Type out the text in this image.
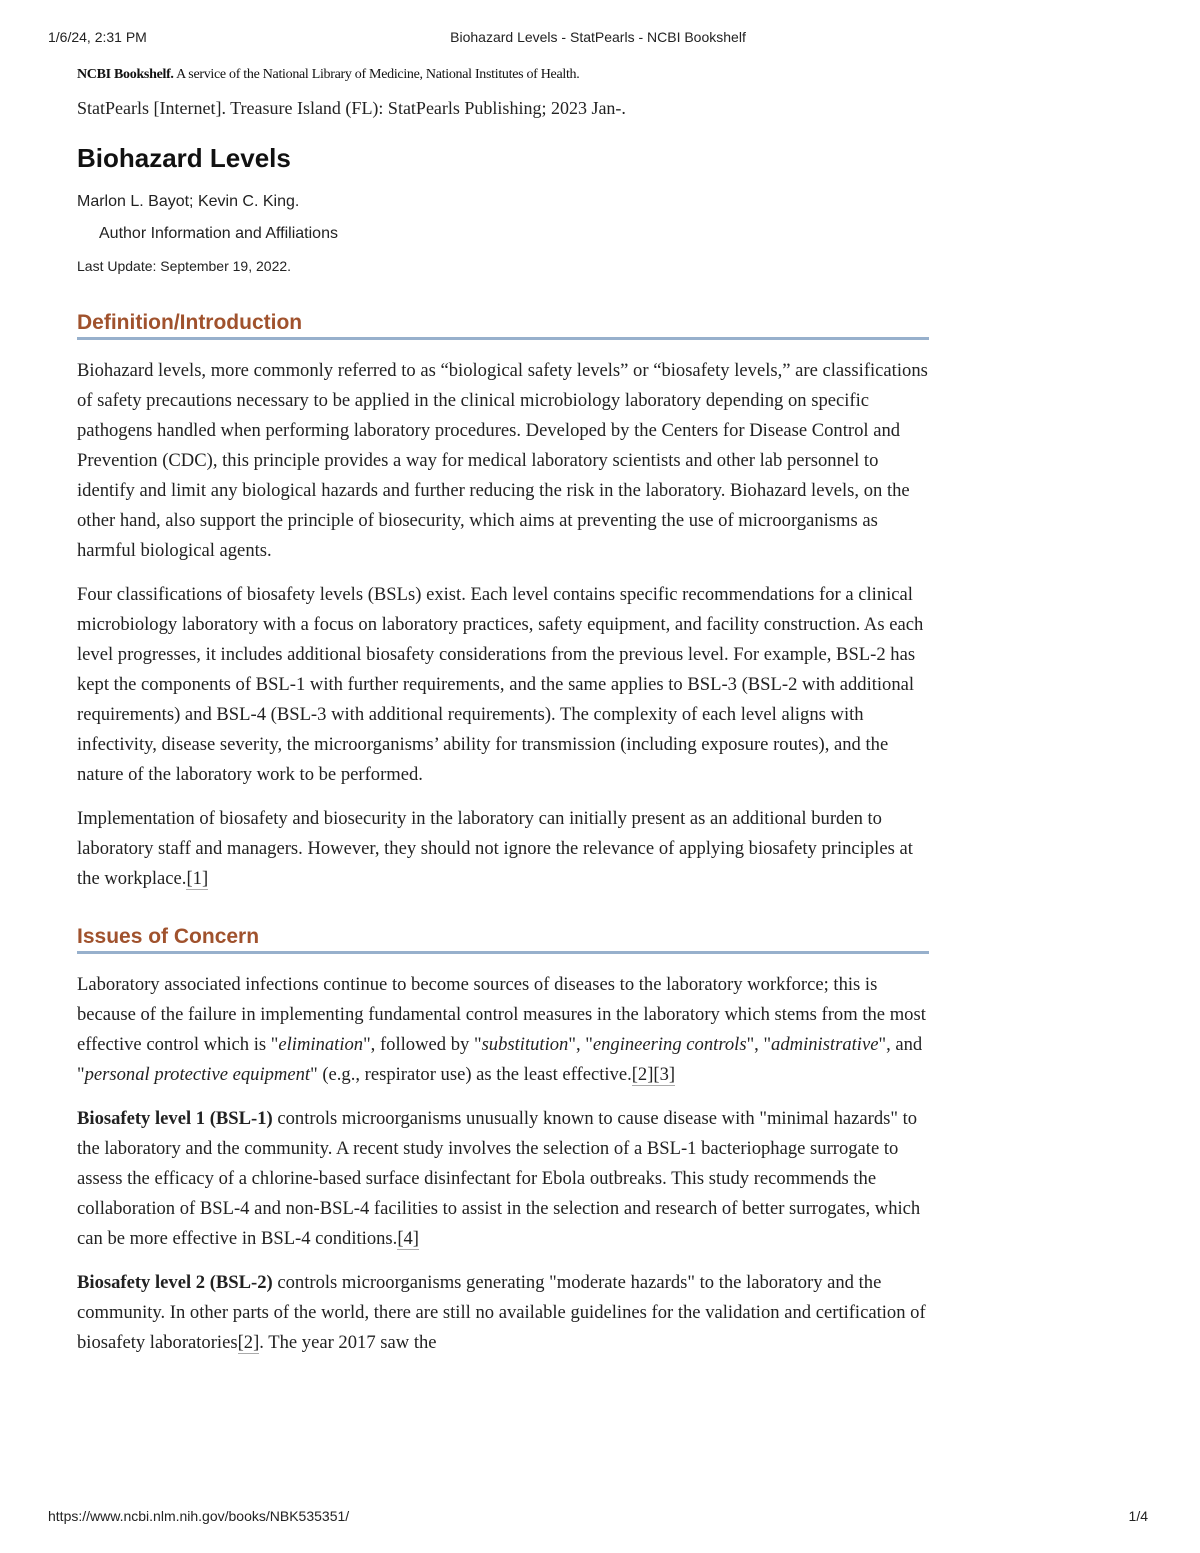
1/6/24, 2:31 PM	Biohazard Levels - StatPearls - NCBI Bookshelf

NCBI Bookshelf. A service of the National Library of Medicine, National Institutes of Health.

StatPearls [Internet]. Treasure Island (FL): StatPearls Publishing; 2023 Jan-.

Biohazard Levels

Marlon L. Bayot; Kevin C. King.

Author Information and Affiliations

Last Update: September 19, 2022.

Definition/Introduction

Biohazard levels, more commonly referred to as “biological safety levels” or “biosafety levels,” are classifications of safety precautions necessary to be applied in the clinical microbiology laboratory depending on specific pathogens handled when performing laboratory procedures. Developed by the Centers for Disease Control and Prevention (CDC), this principle provides a way for medical laboratory scientists and other lab personnel to identify and limit any biological hazards and further reducing the risk in the laboratory. Biohazard levels, on the other hand, also support the principle of biosecurity, which aims at preventing the use of microorganisms as harmful biological agents.

Four classifications of biosafety levels (BSLs) exist. Each level contains specific recommendations for a clinical microbiology laboratory with a focus on laboratory practices, safety equipment, and facility construction. As each level progresses, it includes additional biosafety considerations from the previous level. For example, BSL-2 has kept the components of BSL-1 with further requirements, and the same applies to BSL-3 (BSL-2 with additional requirements) and BSL-4 (BSL-3 with additional requirements). The complexity of each level aligns with infectivity, disease severity, the microorganisms’ ability for transmission (including exposure routes), and the nature of the laboratory work to be performed.

Implementation of biosafety and biosecurity in the laboratory can initially present as an additional burden to laboratory staff and managers. However, they should not ignore the relevance of applying biosafety principles at the workplace.[1]

Issues of Concern

Laboratory associated infections continue to become sources of diseases to the laboratory workforce; this is because of the failure in implementing fundamental control measures in the laboratory which stems from the most effective control which is "elimination", followed by "substitution", "engineering controls", "administrative", and "personal protective equipment" (e.g., respirator use) as the least effective.[2][3]

Biosafety level 1 (BSL-1) controls microorganisms unusually known to cause disease with "minimal hazards" to the laboratory and the community. A recent study involves the selection of a BSL-1 bacteriophage surrogate to assess the efficacy of a chlorine-based surface disinfectant for Ebola outbreaks. This study recommends the collaboration of BSL-4 and non-BSL-4 facilities to assist in the selection and research of better surrogates, which can be more effective in BSL-4 conditions.[4]

Biosafety level 2 (BSL-2) controls microorganisms generating "moderate hazards" to the laboratory and the community. In other parts of the world, there are still no available guidelines for the validation and certification of biosafety laboratories[2]. The year 2017 saw the

https://www.ncbi.nlm.nih.gov/books/NBK535351/	1/4
